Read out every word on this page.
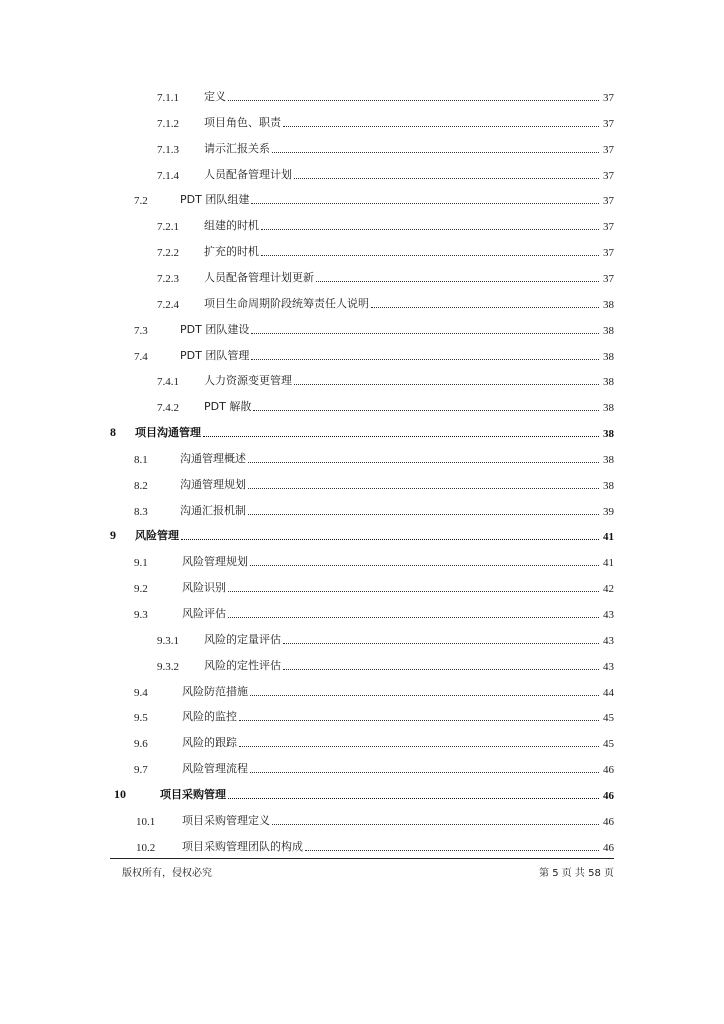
7.1.1 定义	37
7.1.2 项目角色、职责	37
7.1.3 请示汇报关系	37
7.1.4 人员配备管理计划	37
7.2	PDT 团队组建	37
7.2.1 组建的时机	37
7.2.2 扩充的时机	37
7.2.3 人员配备管理计划更新	37
7.2.4 项目生命周期阶段统筹责任人说明	38
7.3	PDT 团队建设	38
7.4	PDT 团队管理	38
7.4.1 人力资源变更管理	38
7.4.2 PDT 解散	38
8 项目沟通管理	38
8.1	沟通管理概述	38
8.2	沟通管理规划	38
8.3	沟通汇报机制	39
9 风险管理	41
9.1	风险管理规划	41
9.2	风险识别	42
9.3	风险评估	43
9.3.1 风险的定量评估	43
9.3.2 风险的定性评估	43
9.4	风险防范措施	44
9.5	风险的监控	45
9.6	风险的跟踪	45
9.7	风险管理流程	46
10	项目采购管理	46
10.1 项目采购管理定义	46
10.2 项目采购管理团队的构成	46
版权所有，侵权必究	第 5 页 共 58 页
